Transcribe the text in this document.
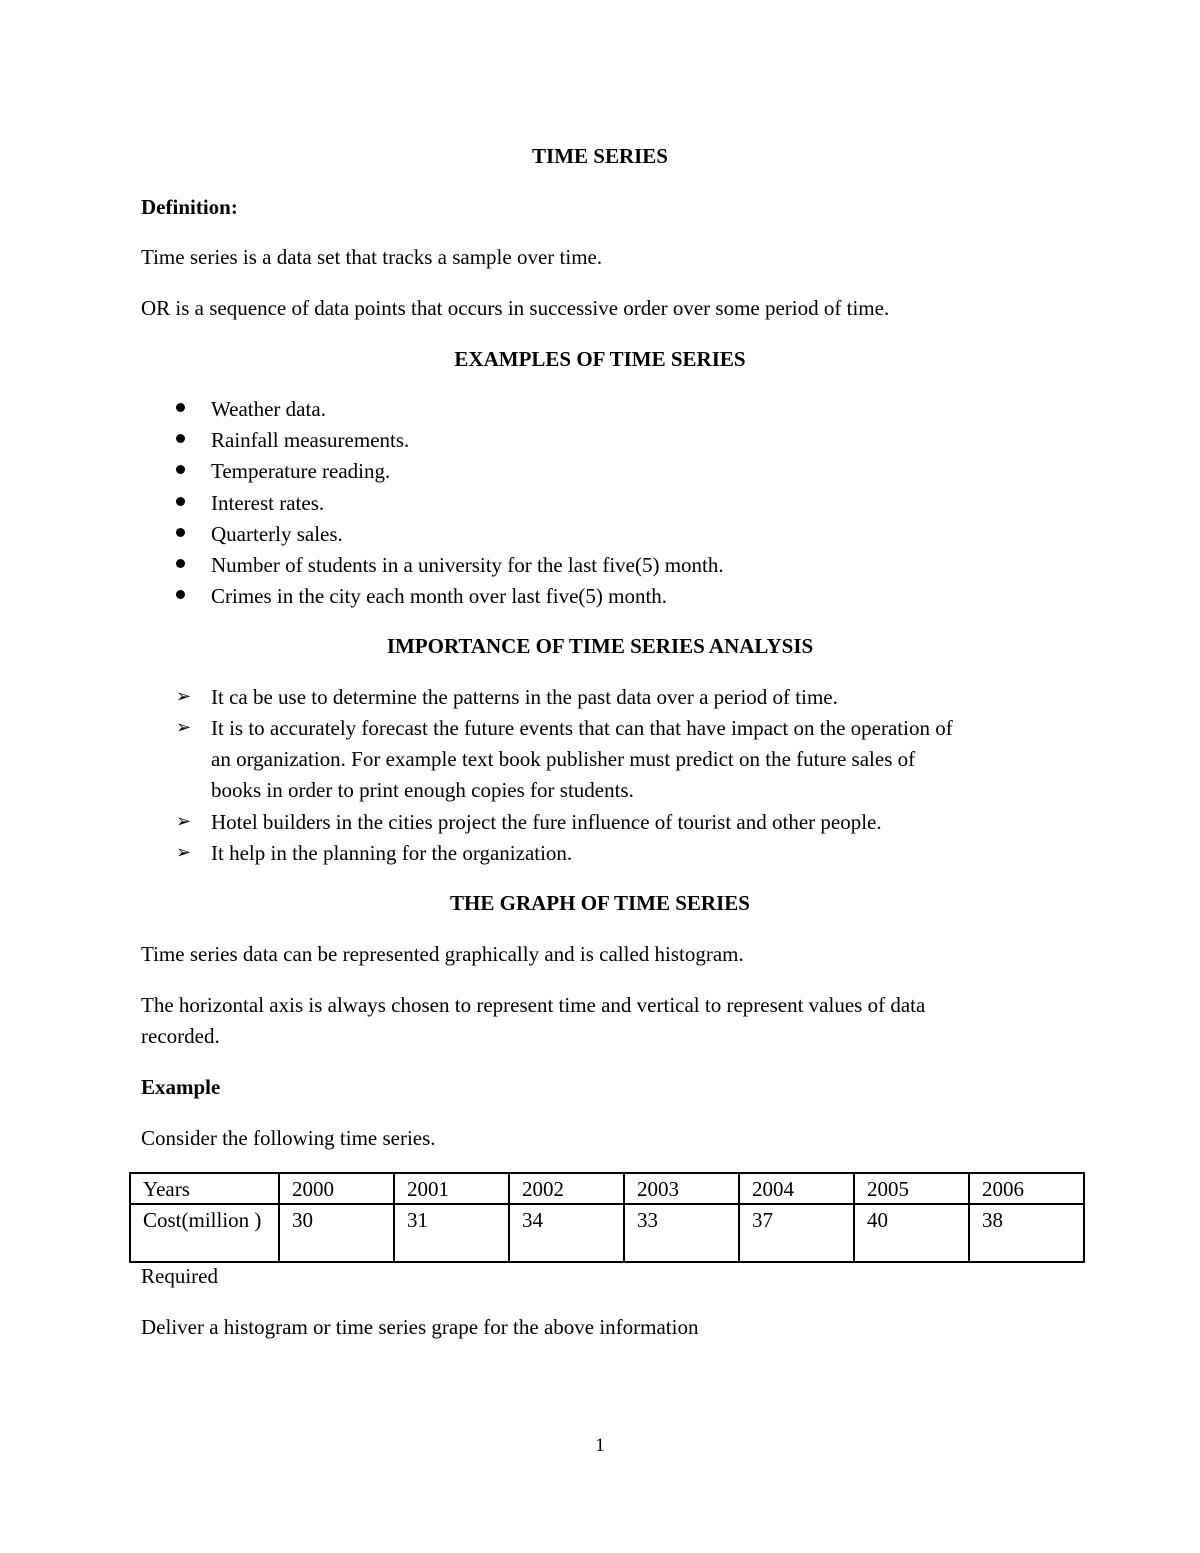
TIME SERIES
Definition:
Time series is a data set that tracks a sample over time.
OR is a sequence of data points that occurs in successive order over some period of time.
EXAMPLES OF TIME SERIES
Weather data.
Rainfall measurements.
Temperature reading.
Interest rates.
Quarterly sales.
Number of students in a university for the last five(5) month.
Crimes in the city each month over last five(5) month.
IMPORTANCE OF TIME SERIES ANALYSIS
➢ It ca be use to determine the patterns in the past data over a period of time.
➢ It is to accurately forecast the future events that can that have impact on the operation of
an organization. For example text book publisher must predict on the future sales of
books in order to print enough copies for students.
➢ Hotel builders in the cities project the fure influence of tourist and other people.
➢ It help in the planning for the organization.
THE GRAPH OF TIME SERIES
Time series data can be represented graphically and is called histogram.
The horizontal axis is always chosen to represent time and vertical to represent values of data
recorded.
Example
Consider the following time series.
Years	2000	2001	2002	2003	2004	2005	2006
Cost(million )	30	31	34	33	37	40	38
Required
Deliver a histogram or time series grape for the above information
1
